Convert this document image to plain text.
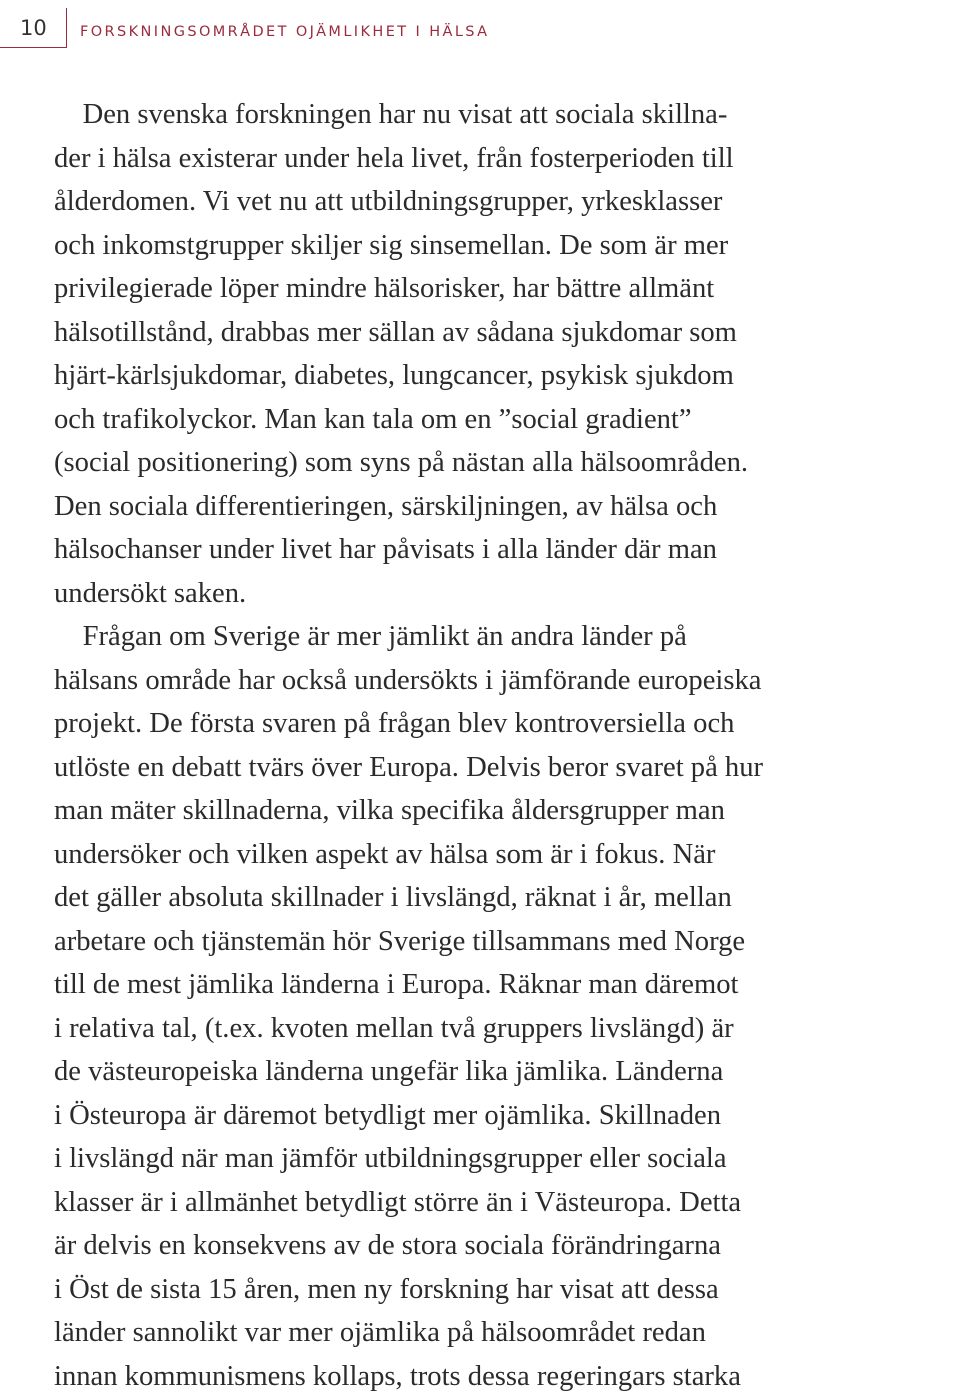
10 FORSKNINGSOMRÅDET OJÄMLIKHET I HÄLSA
Den svenska forskningen har nu visat att sociala skillna-
der i hälsa existerar under hela livet, från fosterperioden till
ålderdomen. Vi vet nu att utbildningsgrupper, yrkesklasser
och inkomstgrupper skiljer sig sinsemellan. De som är mer
privilegierade löper mindre hälsorisker, har bättre allmänt
hälsotillstånd, drabbas mer sällan av sådana sjukdomar som
hjärt-kärlsjukdomar, diabetes, lungcancer, psykisk sjukdom
och trafikolyckor. Man kan tala om en ”social gradient”
(social positionering) som syns på nästan alla hälsoområden.
Den sociala differentieringen, särskiljningen, av hälsa och
hälsochanser under livet har påvisats i alla länder där man
undersökt saken.
Frågan om Sverige är mer jämlikt än andra länder på
hälsans område har också undersökts i jämförande europeiska
projekt. De första svaren på frågan blev kontroversiella och
utlöste en debatt tvärs över Europa. Delvis beror svaret på hur
man mäter skillnaderna, vilka specifika åldersgrupper man
undersöker och vilken aspekt av hälsa som är i fokus. När
det gäller absoluta skillnader i livslängd, räknat i år, mellan
arbetare och tjänstemän hör Sverige tillsammans med Norge
till de mest jämlika länderna i Europa. Räknar man däremot
i relativa tal, (t.ex. kvoten mellan två gruppers livslängd) är
de västeuropeiska länderna ungefär lika jämlika. Länderna
i Östeuropa är däremot betydligt mer ojämlika. Skillnaden
i livslängd när man jämför utbildningsgrupper eller sociala
klasser är i allmänhet betydligt större än i Västeuropa. Detta
är delvis en konsekvens av de stora sociala förändringarna
i Öst de sista 15 åren, men ny forskning har visat att dessa
länder sannolikt var mer ojämlika på hälsoområdet redan
innan kommunismens kollaps, trots dessa regeringars starka
